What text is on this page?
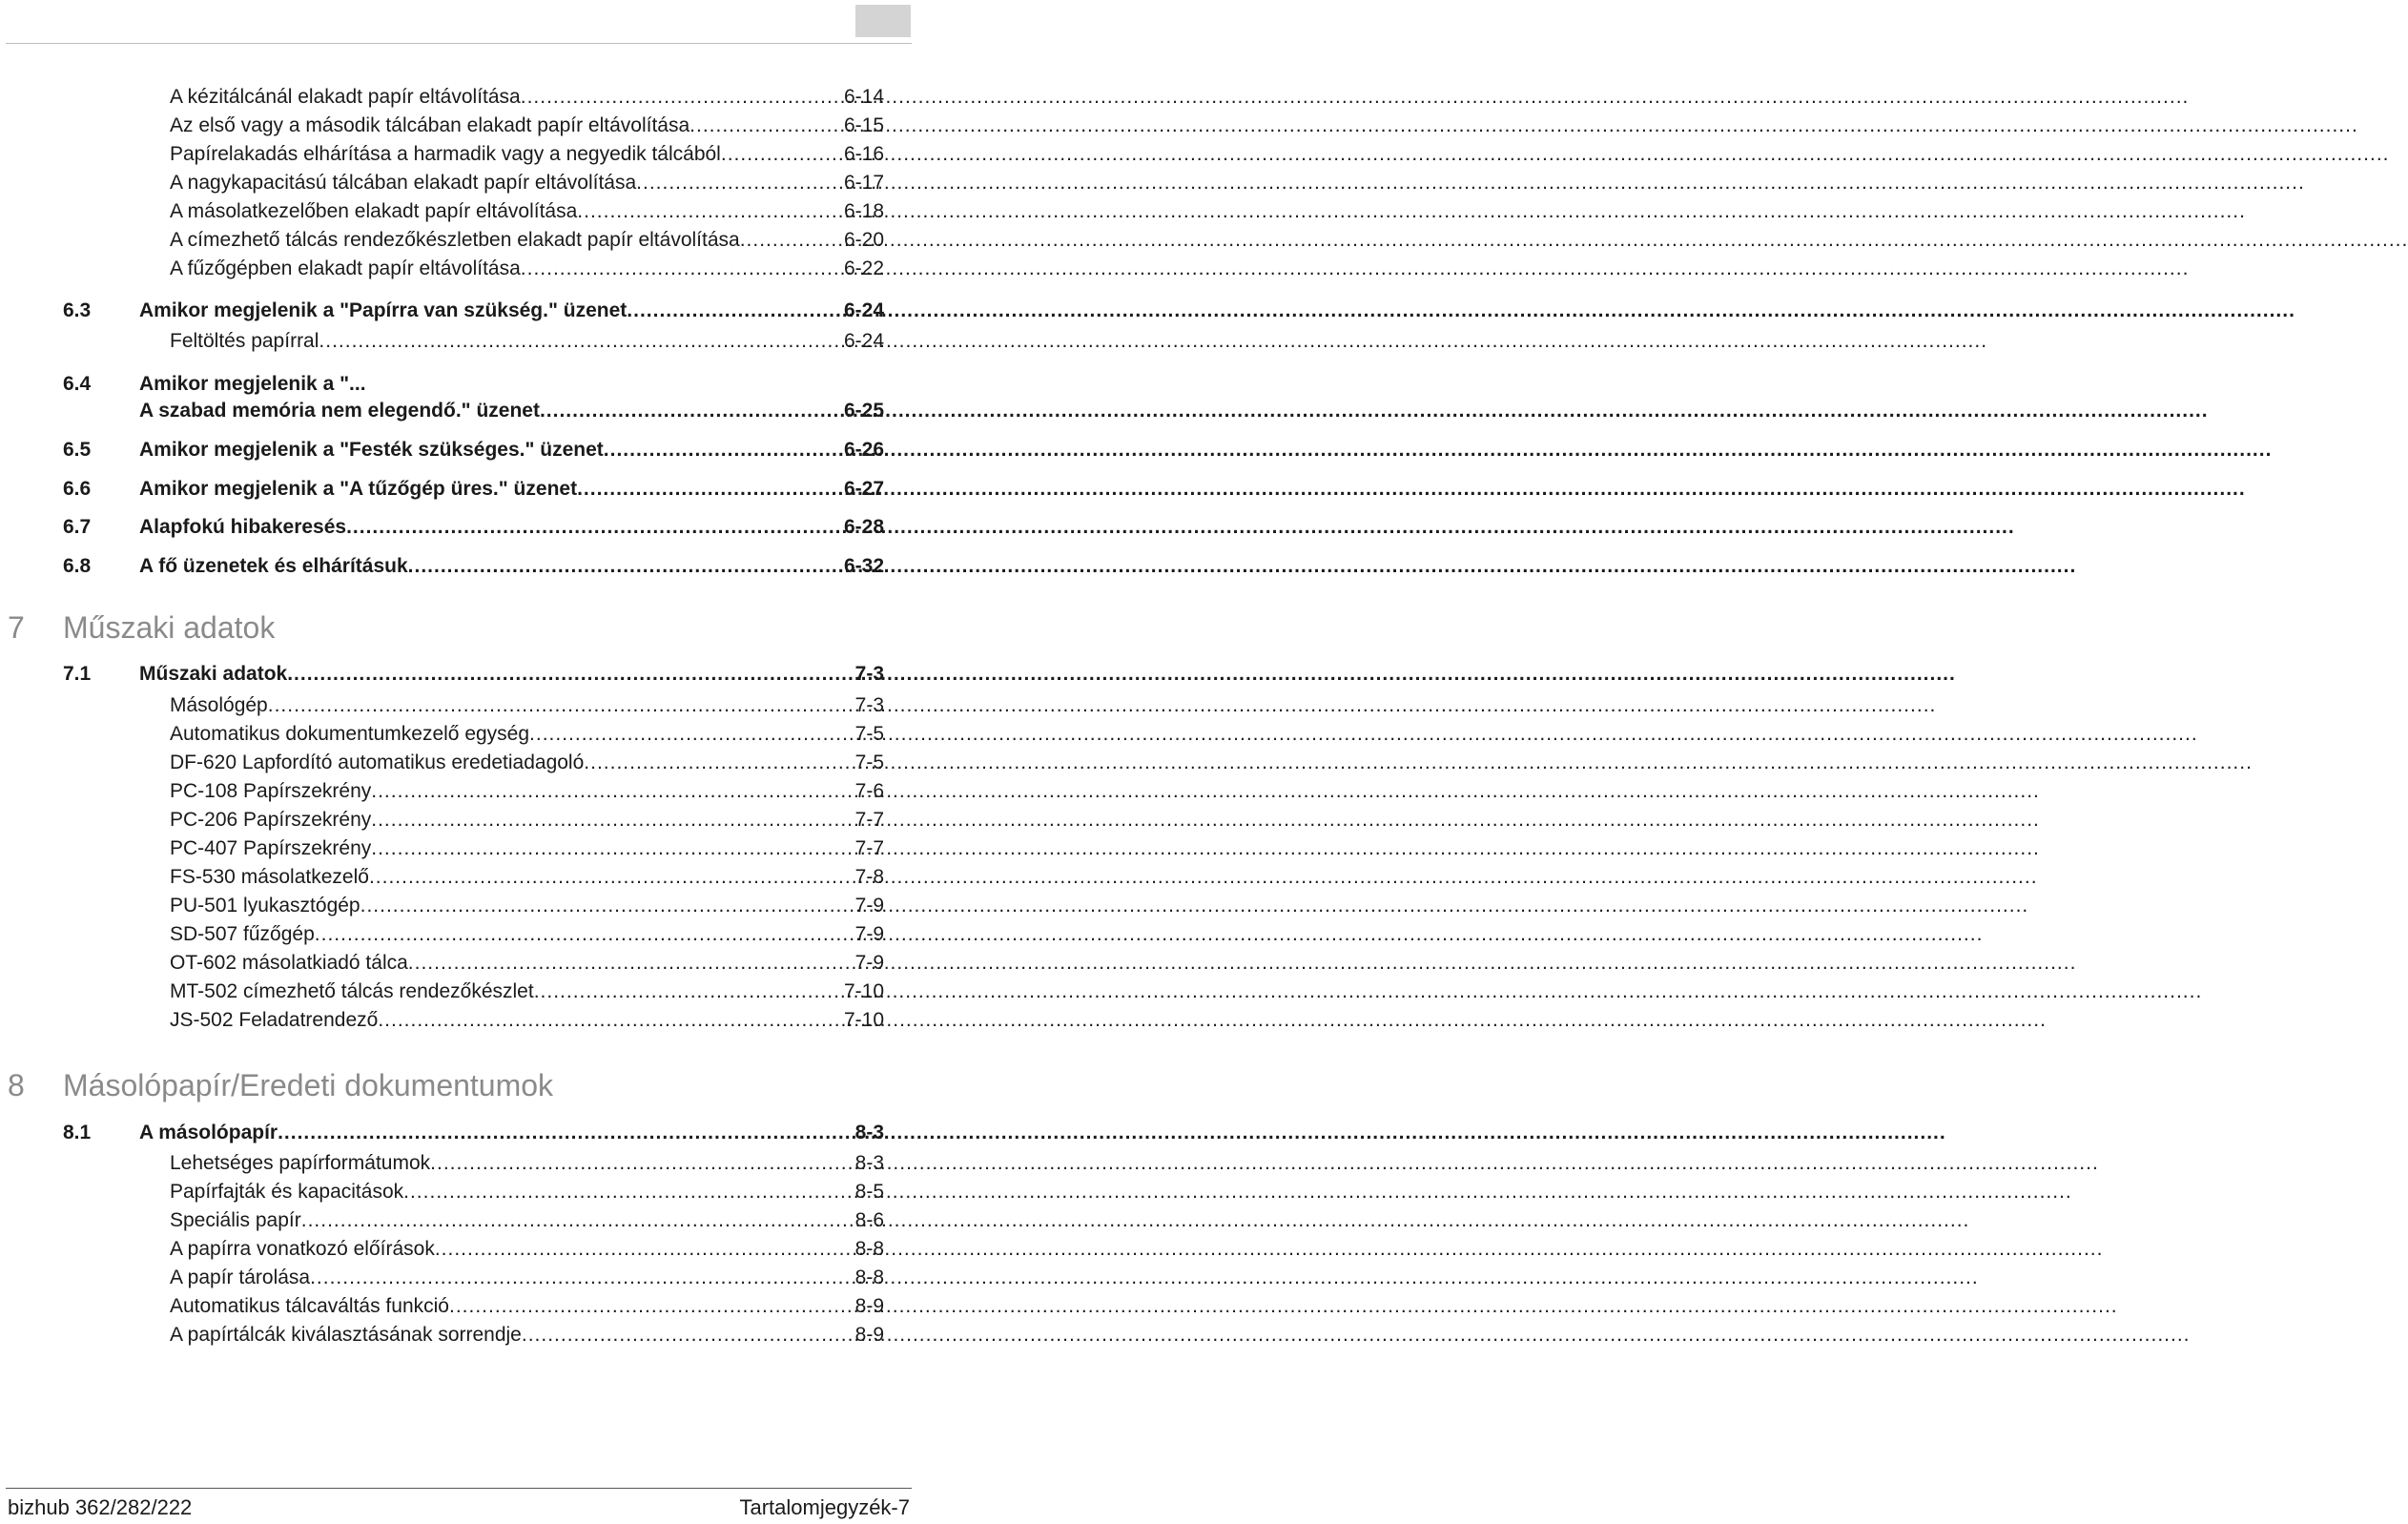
A kézitálcánál elakadt papír eltávolítása .....	6-14
Az első vagy a második tálcában elakadt papír eltávolítása .....	6-15
Papírelakadás elhárítása a harmadik vagy a negyedik tálcából .....	6-16
A nagykapacitású tálcában elakadt papír eltávolítása .....	6-17
A másolatkezelőben elakadt papír eltávolítása .....	6-18
A címezhető tálcás rendezőkészletben elakadt papír eltávolítása .....	6-20
A fűzőgépben elakadt papír eltávolítása .....	6-22
6.3	Amikor megjelenik a "Papírra van szükség." üzenet .....	6-24
Feltöltés papírral .....	6-24
6.4	Amikor megjelenik a "...
A szabad memória nem elegendő." üzenet .....	6-25
6.5	Amikor megjelenik a "Festék szükséges." üzenet .....	6-26
6.6	Amikor megjelenik a "A tűzőgép üres." üzenet .....	6-27
6.7	Alapfokú hibakeresés .....	6-28
6.8	A fő üzenetek és elhárításuk .....	6-32
7	Műszaki adatok
7.1	Műszaki adatok .....	7-3
Másológép .....	7-3
Automatikus dokumentumkezelő egység .....	7-5
DF-620 Lapfordító automatikus eredetiadagoló .....	7-5
PC-108 Papírszekrény .....	7-6
PC-206 Papírszekrény .....	7-7
PC-407 Papírszekrény .....	7-7
FS-530 másolatkezelő .....	7-8
PU-501 lyukasztógép .....	7-9
SD-507 fűzőgép .....	7-9
OT-602 másolatkiadó tálca .....	7-9
MT-502 címezhető tálcás rendezőkészlet .....	7-10
JS-502 Feladatrendező .....	7-10
8	Másolópapír/Eredeti dokumentumok
8.1	A másolópapír .....	8-3
Lehetséges papírformátumok .....	8-3
Papírfajták és kapacitások .....	8-5
Speciális papír .....	8-6
A papírra vonatkozó előírások .....	8-8
A papír tárolása .....	8-8
Automatikus tálcaváltás funkció .....	8-9
A papírtálcák kiválasztásának sorrendje .....	8-9
bizhub 362/282/222	Tartalomjegyzék-7
